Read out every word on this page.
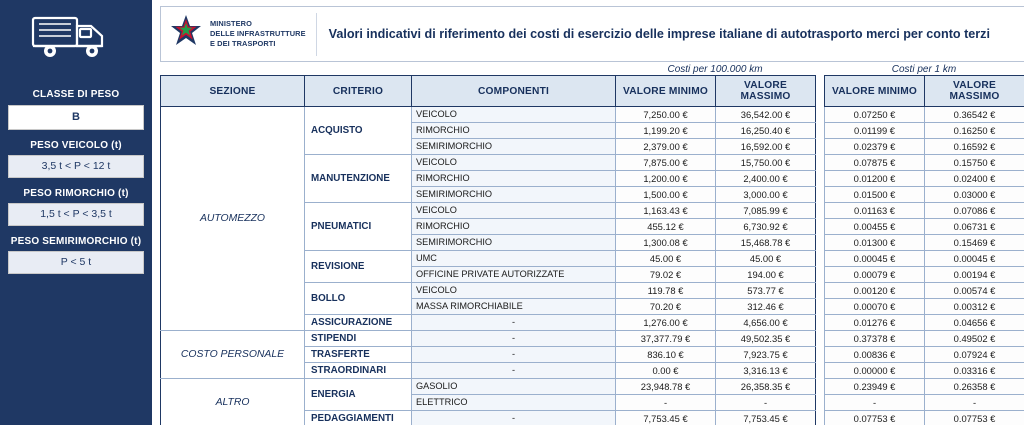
CLASSE DI PESO
B
PESO VEICOLO (t)
3,5 t < P < 12 t
PESO RIMORCHIO (t)
1,5 t < P < 3,5 t
PESO SEMIRIMORCHIO (t)
P < 5 t
MINISTERO
DELLE INFRASTRUTTURE
E DEI TRASPORTI
Valori indicativi di riferimento dei costi di esercizio delle imprese italiane di autotrasporto merci per conto terzi
Costi per 100.000 km	Costi per 1 km
SEZIONE	CRITERIO	COMPONENTI	VALORE MINIMO	VALORE MASSIMO		VALORE MINIMO	VALORE MASSIMO
AUTOMEZZO	ACQUISTO	VEICOLO	7,250.00 €	36,542.00 €		0.07250 €	0.36542 €
		RIMORCHIO	1,199.20 €	16,250.40 €		0.01199 €	0.16250 €
		SEMIRIMORCHIO	2,379.00 €	16,592.00 €		0.02379 €	0.16592 €
	MANUTENZIONE	VEICOLO	7,875.00 €	15,750.00 €		0.07875 €	0.15750 €
		RIMORCHIO	1,200.00 €	2,400.00 €		0.01200 €	0.02400 €
		SEMIRIMORCHIO	1,500.00 €	3,000.00 €		0.01500 €	0.03000 €
	PNEUMATICI	VEICOLO	1,163.43 €	7,085.99 €		0.01163 €	0.07086 €
		RIMORCHIO	455.12 €	6,730.92 €		0.00455 €	0.06731 €
		SEMIRIMORCHIO	1,300.08 €	15,468.78 €		0.01300 €	0.15469 €
	REVISIONE	UMC	45.00 €	45.00 €		0.00045 €	0.00045 €
		OFFICINE PRIVATE AUTORIZZATE	79.02 €	194.00 €		0.00079 €	0.00194 €
	BOLLO	VEICOLO	119.78 €	573.77 €		0.00120 €	0.00574 €
		MASSA RIMORCHIABILE	70.20 €	312.46 €		0.00070 €	0.00312 €
	ASSICURAZIONE	-	1,276.00 €	4,656.00 €		0.01276 €	0.04656 €
COSTO PERSONALE	STIPENDI	-	37,377.79 €	49,502.35 €		0.37378 €	0.49502 €
	TRASFERTE	-	836.10 €	7,923.75 €		0.00836 €	0.07924 €
	STRAORDINARI	-	0.00 €	3,316.13 €		0.00000 €	0.03316 €
ALTRO	ENERGIA	GASOLIO	23,948.78 €	26,358.35 €		0.23949 €	0.26358 €
		ELETTRICO	-	-		-	-
	PEDAGGIAMENTI	-	7,753.45 €	7,753.45 €		0.07753 €	0.07753 €
